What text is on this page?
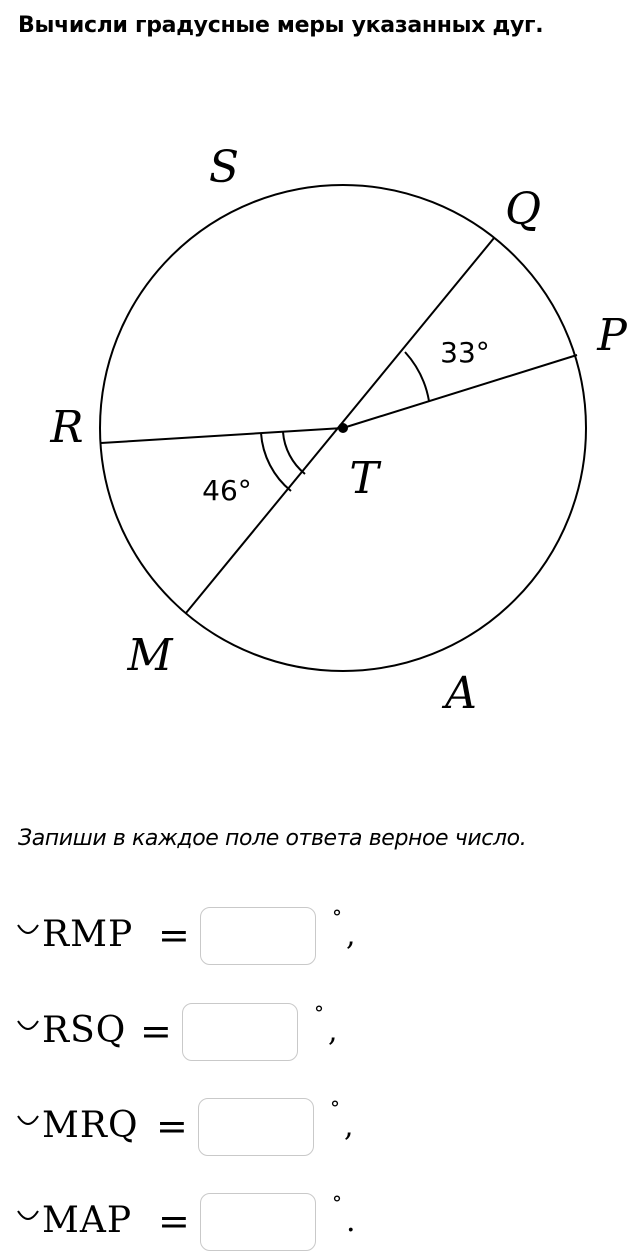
Вычисли градусные меры указанных дуг.
S
Q
P
R
T
M
A
33°
46°
Запиши в каждое поле ответа верное число.
RMP =	°
,
RSQ =	°
,
MRQ =	°
,
MAP =	°
.
